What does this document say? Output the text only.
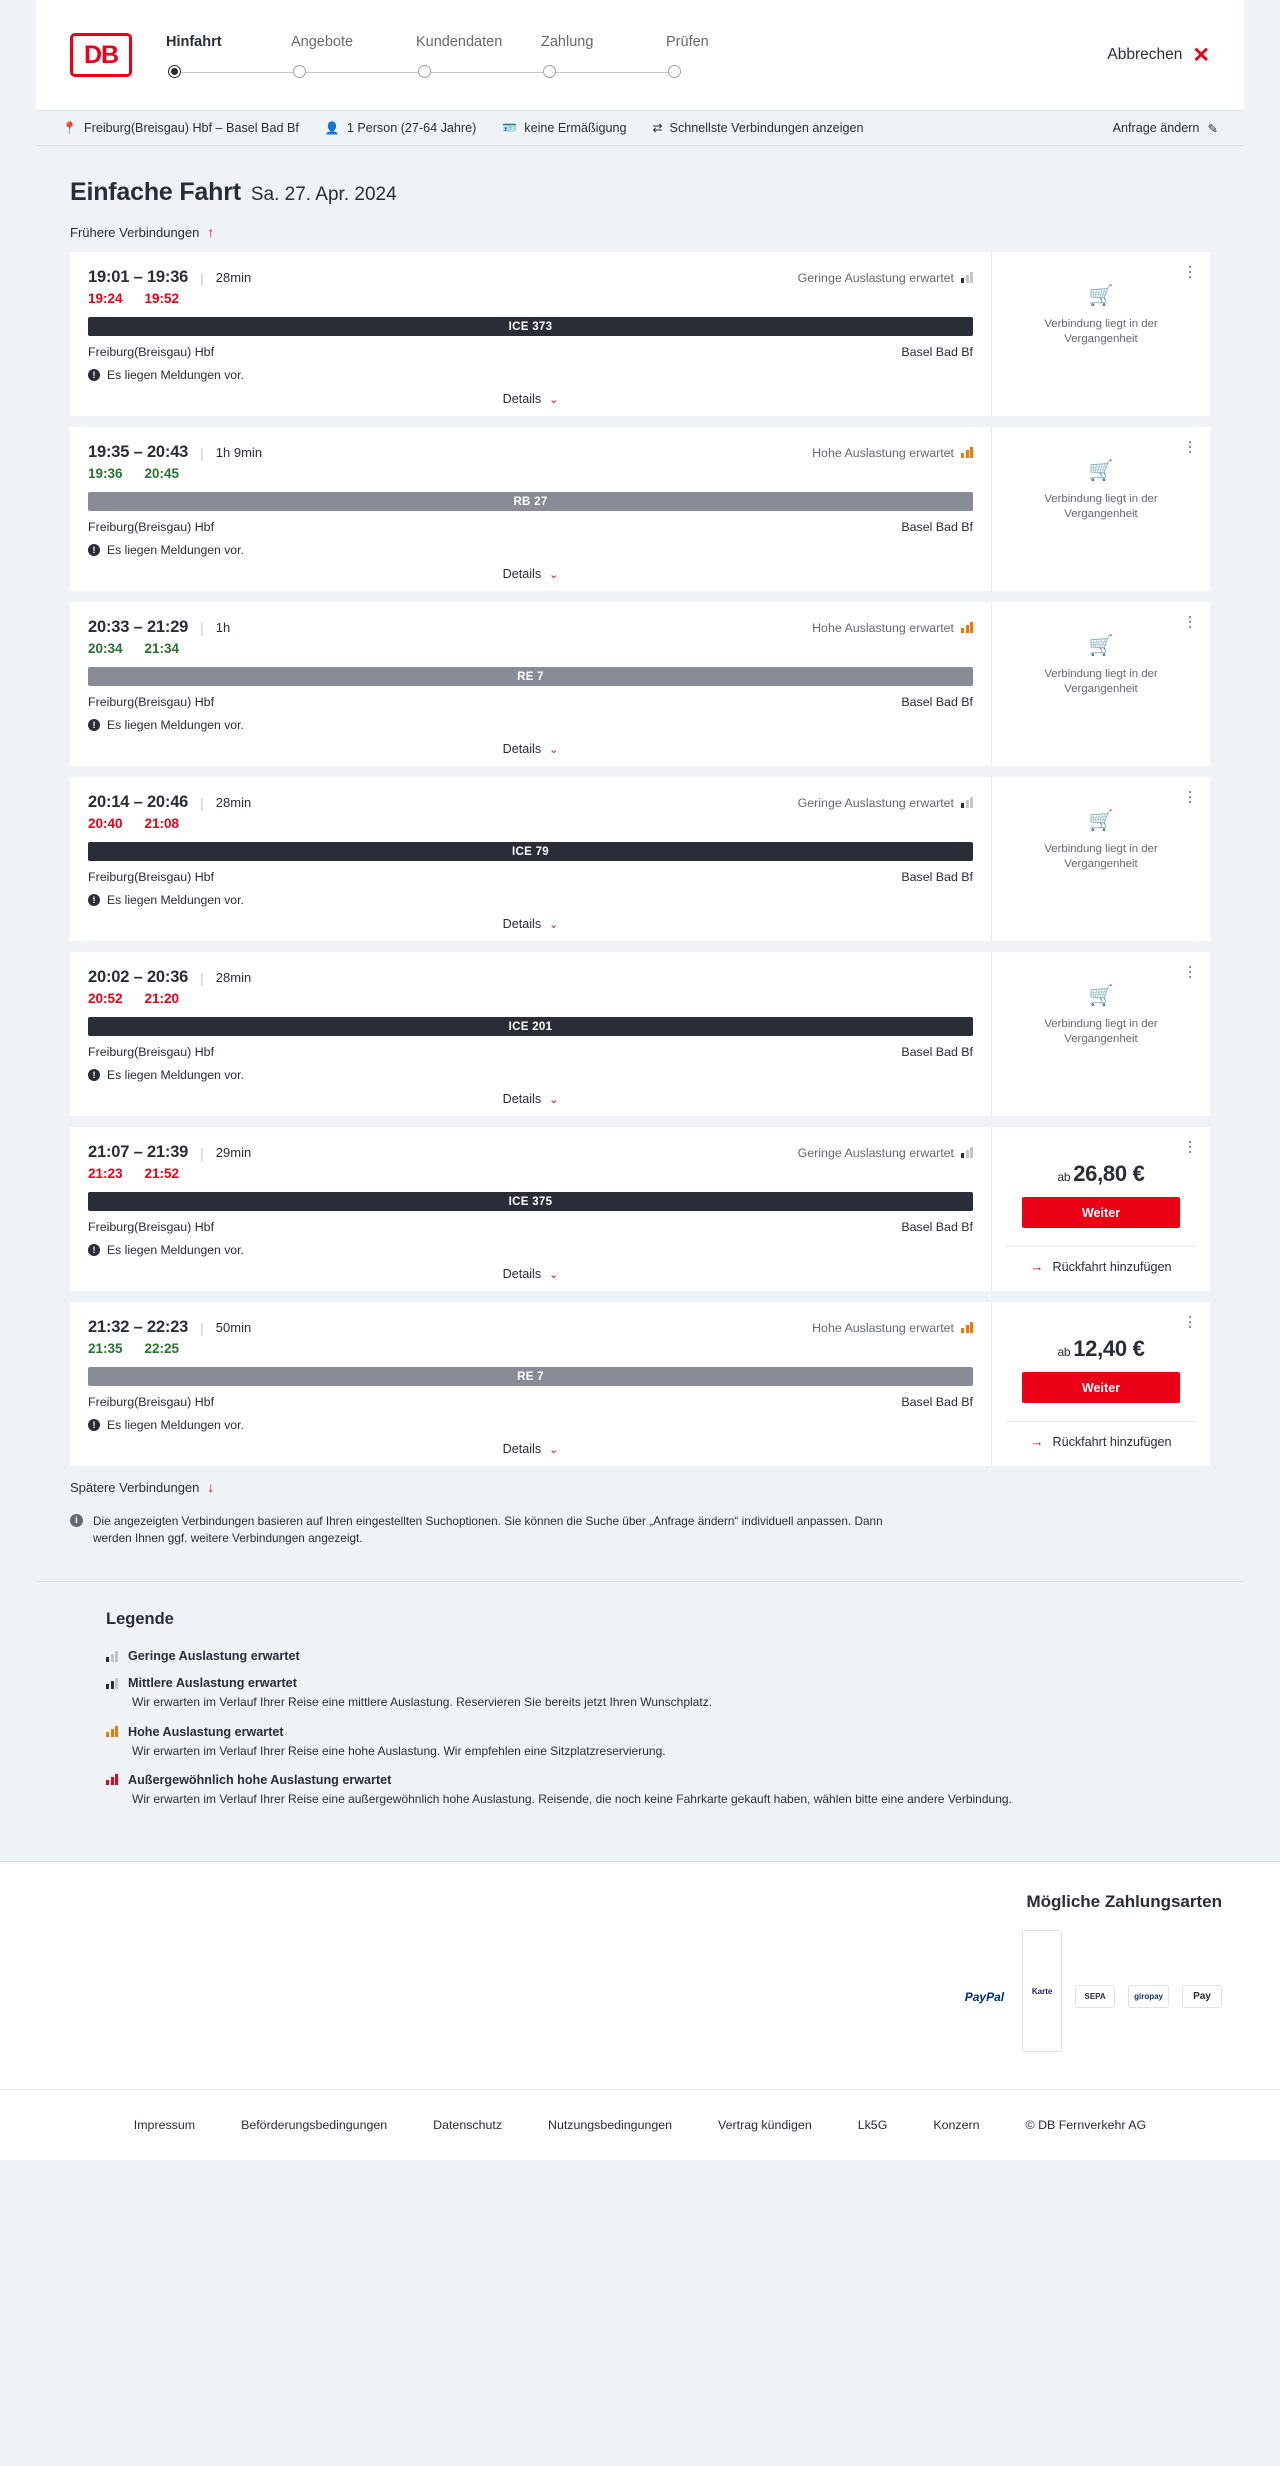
DB	Hinfahrt	Angebote	Kundendaten	Zahlung	Prüfen
Abbrechen ✕
📍 Freiburg(Breisgau) Hbf – Basel Bad Bf 👤 1 Person (27-64 Jahre) 🪪 keine Ermäßigung ⇄ Schnellste Verbindungen anzeigen	Anfrage ändern ✎
Einfache Fahrt Sa. 27. Apr. 2024
Frühere Verbindungen ↑
19:01 – 19:36 | 28min	Geringe Auslastung erwartet
19:24 19:52
ICE 373
Freiburg(Breisgau) Hbf	Basel Bad Bf
! Es liegen Meldungen vor.
Details ⌄
🛒
Verbindung liegt in der Vergangenheit
19:35 – 20:43 | 1h 9min	Hohe Auslastung erwartet
19:36 20:45
RB 27
Freiburg(Breisgau) Hbf	Basel Bad Bf
! Es liegen Meldungen vor.
Details ⌄
🛒
Verbindung liegt in der Vergangenheit
20:33 – 21:29 | 1h	Hohe Auslastung erwartet
20:34 21:34
RE 7
Freiburg(Breisgau) Hbf	Basel Bad Bf
! Es liegen Meldungen vor.
Details ⌄
🛒
Verbindung liegt in der Vergangenheit
20:14 – 20:46 | 28min	Geringe Auslastung erwartet
20:40 21:08
ICE 79
Freiburg(Breisgau) Hbf	Basel Bad Bf
! Es liegen Meldungen vor.
Details ⌄
🛒
Verbindung liegt in der Vergangenheit
20:02 – 20:36 | 28min
20:52 21:20
ICE 201
Freiburg(Breisgau) Hbf	Basel Bad Bf
! Es liegen Meldungen vor.
Details ⌄
🛒
Verbindung liegt in der Vergangenheit
21:07 – 21:39 | 29min	Geringe Auslastung erwartet
21:23 21:52
ICE 375
Freiburg(Breisgau) Hbf	Basel Bad Bf
! Es liegen Meldungen vor.
Details ⌄
ab 26,80 €
Weiter
→ Rückfahrt hinzufügen
21:32 – 22:23 | 50min	Hohe Auslastung erwartet
21:35 22:25
RE 7
Freiburg(Breisgau) Hbf	Basel Bad Bf
! Es liegen Meldungen vor.
Details ⌄
ab 12,40 €
Weiter
→ Rückfahrt hinzufügen
Spätere Verbindungen ↓
i	Die angezeigten Verbindungen basieren auf Ihren eingestellten Suchoptionen. Sie können die Suche über „Anfrage ändern“ individuell anpassen. Dann werden Ihnen ggf. weitere Verbindungen angezeigt.
Legende
Geringe Auslastung erwartet
Mittlere Auslastung erwartet
Wir erwarten im Verlauf Ihrer Reise eine mittlere Auslastung. Reservieren Sie bereits jetzt Ihren Wunschplatz.
Hohe Auslastung erwartet
Wir erwarten im Verlauf Ihrer Reise eine hohe Auslastung. Wir empfehlen eine Sitzplatzreservierung.
Außergewöhnlich hohe Auslastung erwartet
Wir erwarten im Verlauf Ihrer Reise eine außergewöhnlich hohe Auslastung. Reisende, die noch keine Fahrkarte gekauft haben, wählen bitte eine andere Verbindung.
Mögliche Zahlungsarten
PayPal	Karte
SEPA	giropay	Pay
Impressum	Beförderungsbedingungen	Datenschutz	Nutzungsbedingungen	Vertrag kündigen	Lk5G	Konzern	© DB Fernverkehr AG
